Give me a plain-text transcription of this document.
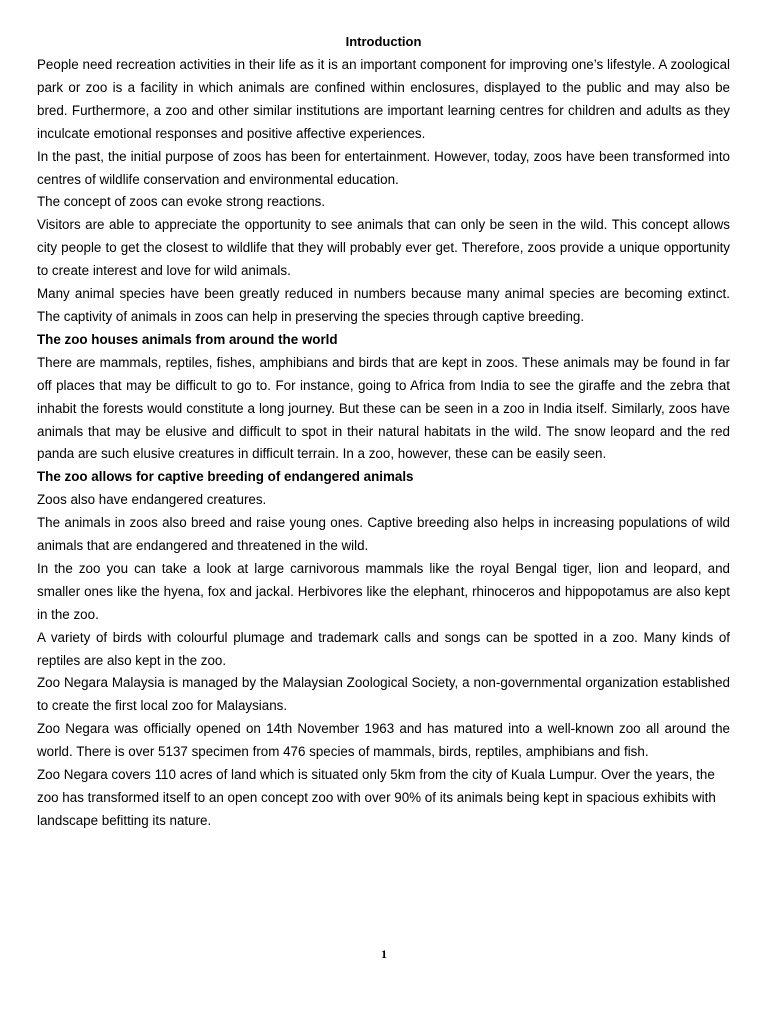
Introduction

People need recreation activities in their life as it is an important component for improving one’s lifestyle. A zoological park or zoo is a facility in which animals are confined within enclosures, displayed to the public and may also be bred. Furthermore, a zoo and other similar institutions are important learning centres for children and adults as they inculcate emotional responses and positive affective experiences.

In the past, the initial purpose of zoos has been for entertainment. However, today, zoos have been transformed into centres of wildlife conservation and environmental education.

The concept of zoos can evoke strong reactions.

Visitors are able to appreciate the opportunity to see animals that can only be seen in the wild. This concept allows city people to get the closest to wildlife that they will probably ever get. Therefore, zoos provide a unique opportunity to create interest and love for wild animals.

Many animal species have been greatly reduced in numbers because many animal species are becoming extinct. The captivity of animals in zoos can help in preserving the species through captive breeding.

The zoo houses animals from around the world

There are mammals, reptiles, fishes, amphibians and birds that are kept in zoos. These animals may be found in far off places that may be difficult to go to. For instance, going to Africa from India to see the giraffe and the zebra that inhabit the forests would constitute a long journey. But these can be seen in a zoo in India itself. Similarly, zoos have animals that may be elusive and difficult to spot in their natural habitats in the wild. The snow leopard and the red panda are such elusive creatures in difficult terrain. In a zoo, however, these can be easily seen.

The zoo allows for captive breeding of endangered animals

Zoos also have endangered creatures.

The animals in zoos also breed and raise young ones. Captive breeding also helps in increasing populations of wild animals that are endangered and threatened in the wild.

In the zoo you can take a look at large carnivorous mammals like the royal Bengal tiger, lion and leopard, and smaller ones like the hyena, fox and jackal. Herbivores like the elephant, rhinoceros and hippopotamus are also kept in the zoo.

A variety of birds with colourful plumage and trademark calls and songs can be spotted in a zoo. Many kinds of reptiles are also kept in the zoo.

Zoo Negara Malaysia is managed by the Malaysian Zoological Society, a non-governmental organization established to create the first local zoo for Malaysians.

Zoo Negara was officially opened on 14th November 1963 and has matured into a well-known zoo all around the world. There is over 5137 specimen from 476 species of mammals, birds, reptiles, amphibians and fish.

Zoo Negara covers 110 acres of land which is situated only 5km from the city of Kuala Lumpur. Over the years, the zoo has transformed itself to an open concept zoo with over 90% of its animals being kept in spacious exhibits with landscape befitting its nature.

1
